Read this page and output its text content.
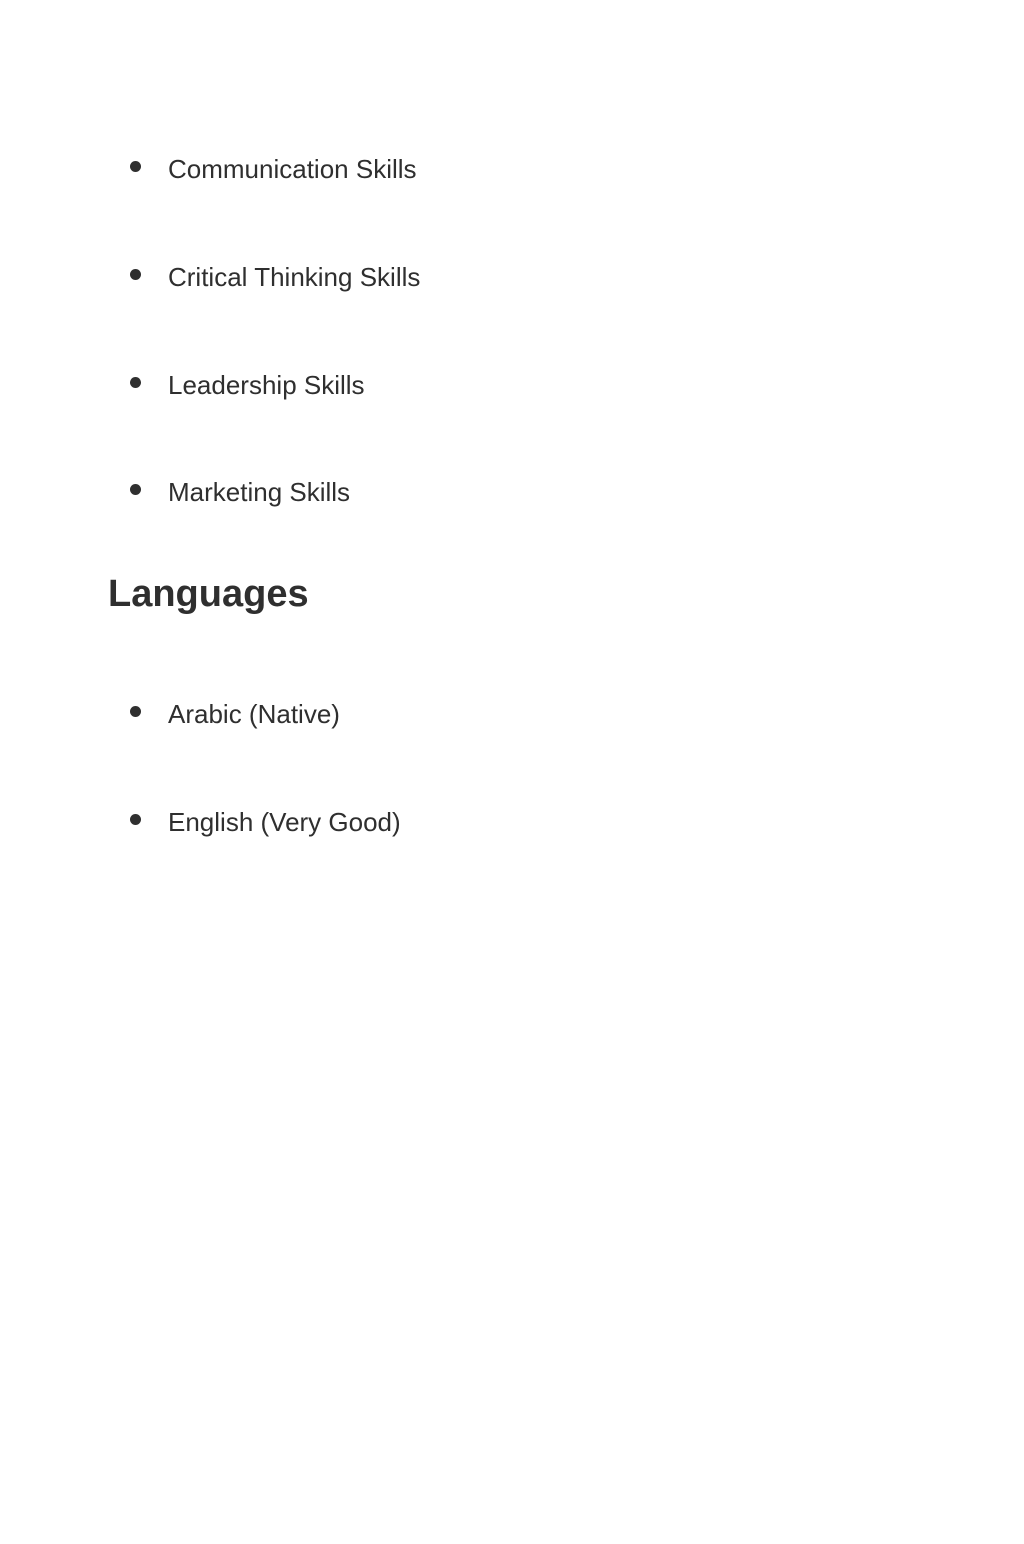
Communication Skills
Critical Thinking Skills
Leadership Skills
Marketing Skills
Languages
Arabic (Native)
English (Very Good)
